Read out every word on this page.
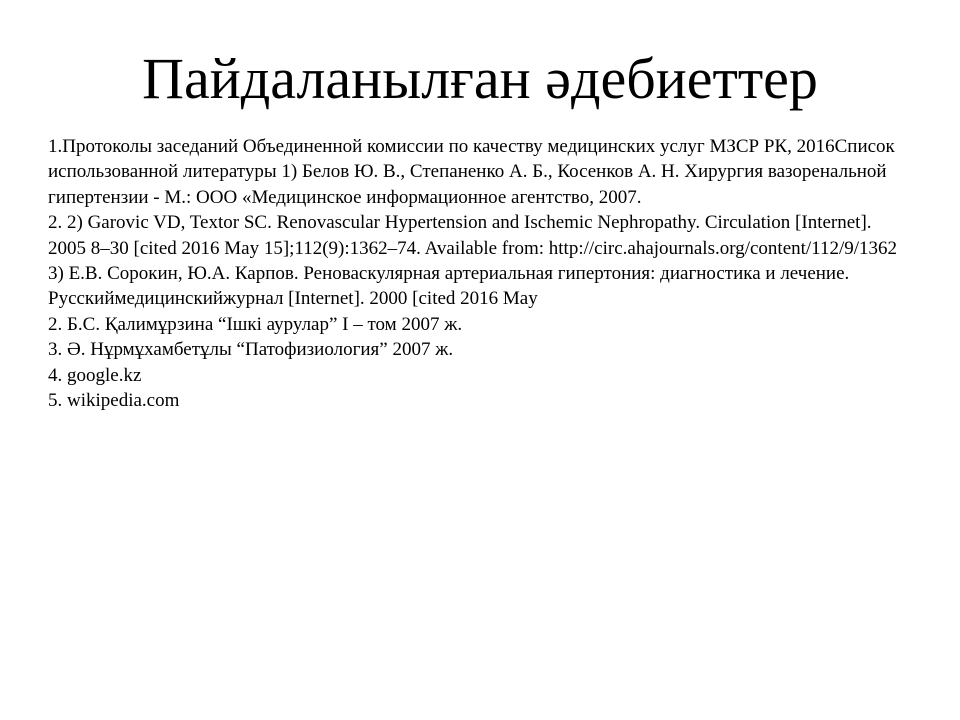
Пайдаланылған әдебиеттер
1.Протоколы заседаний Объединенной комиссии по качеству медицинских услуг МЗСР РК, 2016Список использованной литературы 1) Белов Ю. В., Степаненко А. Б., Косенков А. Н. Хирургия вазоренальной гипертензии - М.: ООО «Медицинское информационное агентство, 2007.
2. 2) Garovic VD, Textor SC. Renovascular Hypertension and Ischemic Nephropathy. Circulation [Internet]. 2005 8–30 [cited 2016 May 15];112(9):1362–74. Available from: http://circ.ahajournals.org/content/112/9/1362 3) Е.В. Сорокин, Ю.А. Карпов. Реноваскулярная артериальная гипертония: диагностика и лечение. Русскиймедицинскийжурнал [Internet]. 2000 [cited 2016 May
2. Б.С. Қалимұрзина “Ішкі аурулар” І – том 2007 ж.
3. Ә. Нұрмұхамбетұлы “Патофизиология” 2007 ж.
4. google.kz
5. wikipedia.com
